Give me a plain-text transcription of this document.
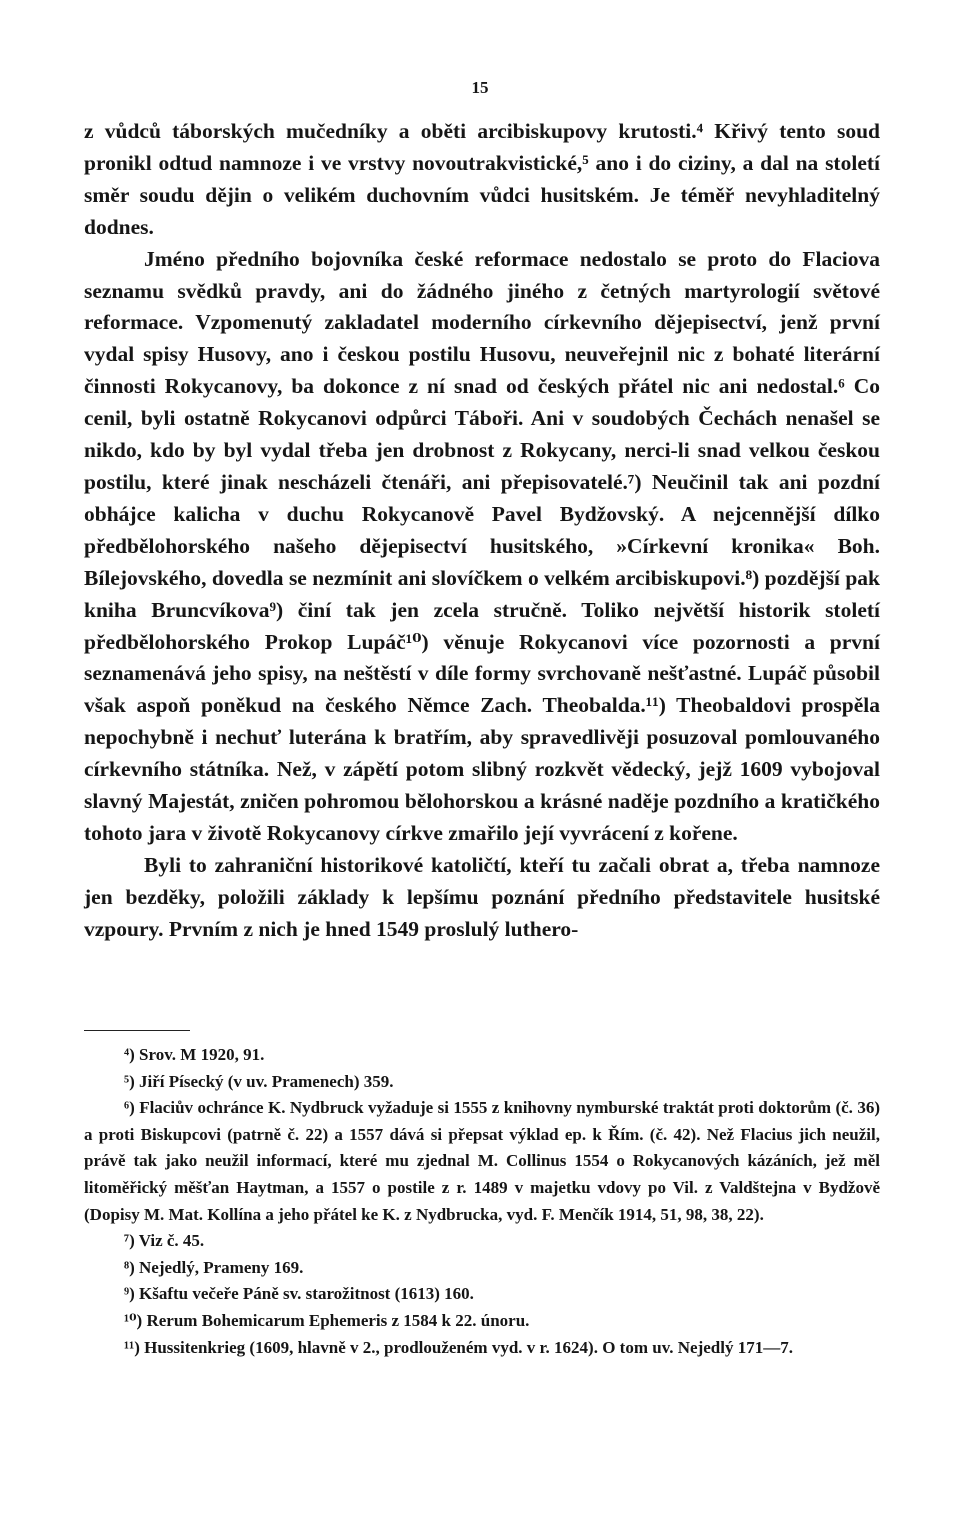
15

z vůdců táborských mučedníky a oběti arcibiskupovy krutosti.⁴ Křivý tento soud pronikl odtud namnoze i ve vrstvy novoutrakvistické,⁵ ano i do ciziny, a dal na století směr soudu dějin o velikém duchovním vůdci husitském. Je téměř nevyhladitelný dodnes.

Jméno předního bojovníka české reformace nedostalo se proto do Flaciova seznamu svědků pravdy, ani do žádného jiného z četných martyrologií světové reformace. Vzpomenutý zakladatel moderního církevního dějepisectví, jenž první vydal spisy Husovy, ano i českou postilu Husovu, neuveřejnil nic z bohaté literární činnosti Rokycanovy, ba dokonce z ní snad od českých přátel nic ani nedostal.⁶ Co cenil, byli ostatně Rokycanovi odpůrci Táboři. Ani v soudobých Čechách nenašel se nikdo, kdo by byl vydal třeba jen drobnost z Rokycany, nerci-li snad velkou českou postilu, které jinak nescházeli čtenáři, ani přepisovatelé.⁷) Neučinil tak ani pozdní obhájce kalicha v duchu Rokycanově Pavel Bydžovský. A nejcennější dílko předbělohorského našeho dějepisectví husitského, »Církevní kronika« Boh. Bílejovského, dovedla se nezmínit ani slovíčkem o velkém arcibiskupovi.⁸) pozdější pak kniha Bruncvíkova⁹) činí tak jen zcela stručně. Toliko největší historik století předbělohorského Prokop Lupáč¹⁰) věnuje Rokycanovi více pozornosti a první seznamenává jeho spisy, na neštěstí v díle formy svrchovaně nešťastné. Lupáč působil však aspoň poněkud na českého Němce Zach. Theobalda.¹¹) Theobaldovi prospěla nepochybně i nechuť luterána k bratřím, aby spravedlivěji posuzoval pomlouvaného církevního státníka. Než, v zápětí potom slibný rozkvět vědecký, jejž 1609 vybojoval slavný Majestát, zničen pohromou bělohorskou a krásné naděje pozdního a kratičkého tohoto jara v životě Rokycanovy církve zmařilo její vyvrácení z kořene.

Byli to zahraniční historikové katoličtí, kteří tu začali obrat a, třeba namnoze jen bezděky, položili základy k lepšímu poznání předního představitele husitské vzpoury. Prvním z nich je hned 1549 proslulý luthero-

⁴) Srov. M 1920, 91.

⁵) Jiří Písecký (v uv. Pramenech) 359.

⁶) Flaciův ochránce K. Nydbruck vyžaduje si 1555 z knihovny nymburské traktát proti doktorům (č. 36) a proti Biskupcovi (patrně č. 22) a 1557 dává si přepsat výklad ep. k Řím. (č. 42). Než Flacius jich neužil, právě tak jako neužil informací, které mu zjednal M. Collinus 1554 o Rokycanových kázáních, jež měl litoměřický měšťan Haytman, a 1557 o postile z r. 1489 v majetku vdovy po Vil. z Valdštejna v Bydžově (Dopisy M. Mat. Kollína a jeho přátel ke K. z Nydbrucka, vyd. F. Menčík 1914, 51, 98, 38, 22).

⁷) Viz č. 45.

⁸) Nejedlý, Prameny 169.

⁹) Kšaftu večeře Páně sv. starožitnost (1613) 160.

¹⁰) Rerum Bohemicarum Ephemeris z 1584 k 22. únoru.

¹¹) Hussitenkrieg (1609, hlavně v 2., prodlouženém vyd. v r. 1624). O tom uv. Nejedlý 171—7.
